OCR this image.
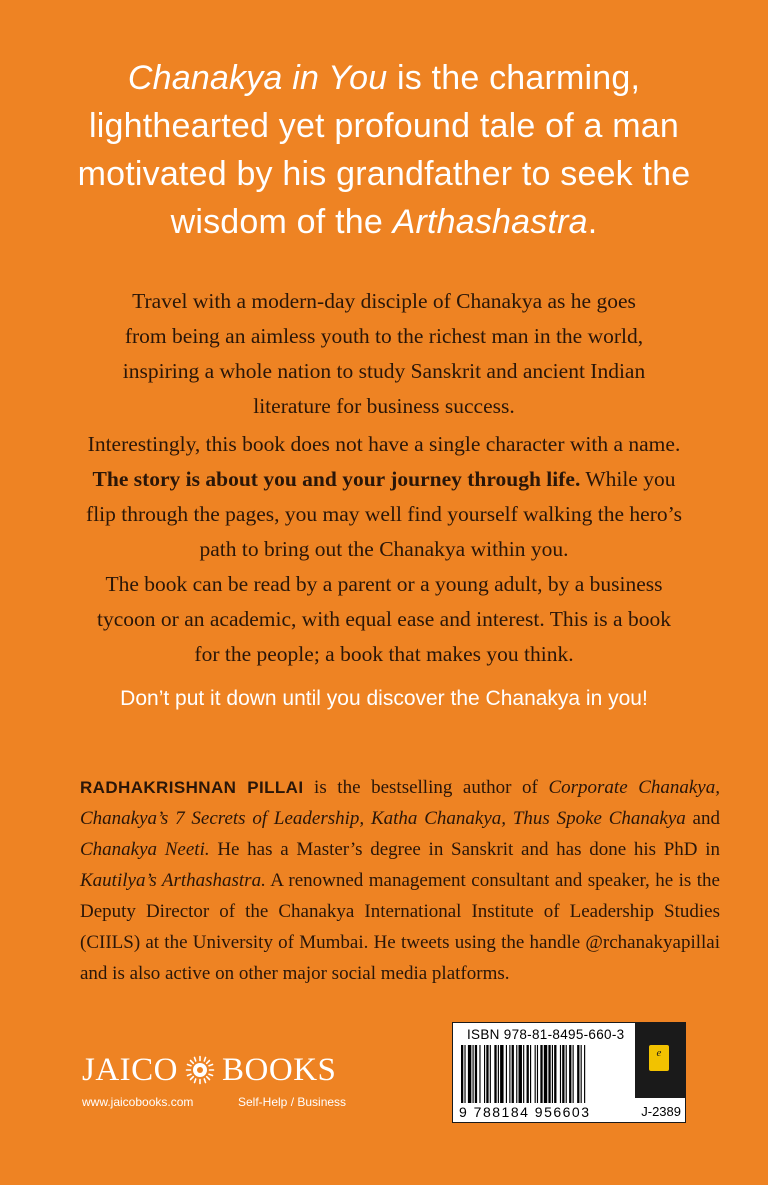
Chanakya in You is the charming,
lighthearted yet profound tale of a man
motivated by his grandfather to seek the
wisdom of the Arthashastra.
Travel with a modern-day disciple of Chanakya as he goes
from being an aimless youth to the richest man in the world,
inspiring a whole nation to study Sanskrit and ancient Indian
literature for business success.
Interestingly, this book does not have a single character with a name.
The story is about you and your journey through life. While you
flip through the pages, you may well find yourself walking the hero’s
path to bring out the Chanakya within you.
The book can be read by a parent or a young adult, by a business
tycoon or an academic, with equal ease and interest. This is a book
for the people; a book that makes you think.
Don’t put it down until you discover the Chanakya in you!
RADHAKRISHNAN PILLAI is the bestselling author of Corporate Chanakya, Chanakya’s 7 Secrets of Leadership, Katha Chanakya, Thus Spoke Chanakya and Chanakya Neeti. He has a Master’s degree in Sanskrit and has done his PhD in Kautilya’s Arthashastra. A renowned management consultant and speaker, he is the Deputy Director of the Chanakya International Institute of Leadership Studies (CIILS) at the University of Mumbai. He tweets using the handle @rchanakyapillai and is also active on other major social media platforms.
JAICO BOOKS
www.jaicobooks.com	Self-Help / Business
ISBN 978-81-8495-660-3
9 788184 956603
e
J-2389
